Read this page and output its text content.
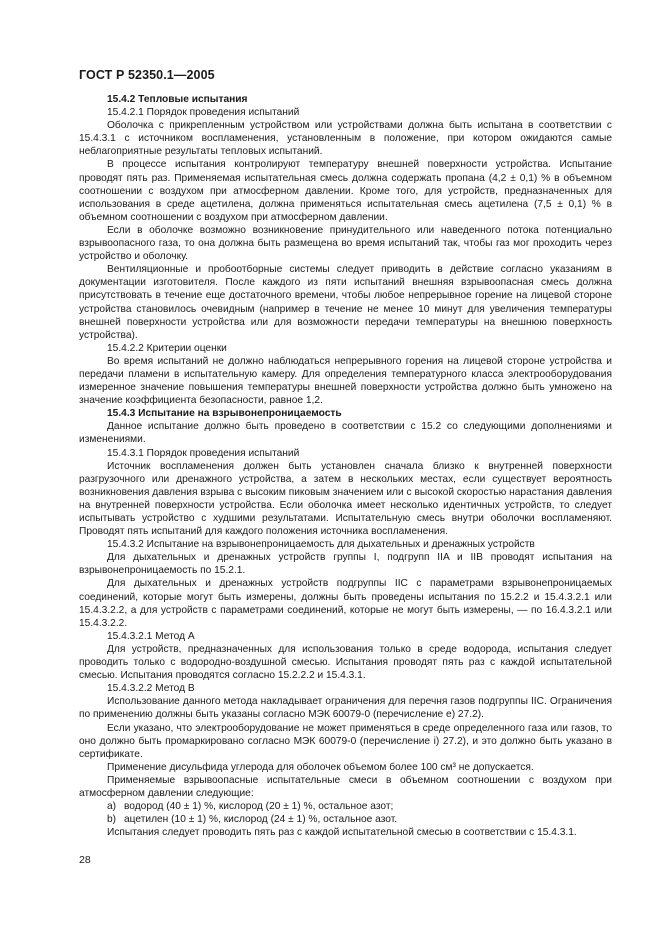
ГОСТ Р 52350.1—2005

15.4.2 Тепловые испытания

15.4.2.1 Порядок проведения испытаний

Оболочка с прикрепленным устройством или устройствами должна быть испытана в соответствии с 15.4.3.1 с источником воспламенения, установленным в положение, при котором ожидаются самые неблагоприятные результаты тепловых испытаний.

В процессе испытания контролируют температуру внешней поверхности устройства. Испытание проводят пять раз. Применяемая испытательная смесь должна содержать пропана (4,2 ± 0,1) % в объемном соотношении с воздухом при атмосферном давлении. Кроме того, для устройств, предназначенных для использования в среде ацетилена, должна применяться испытательная смесь ацетилена (7,5 ± 0,1) % в объемном соотношении с воздухом при атмосферном давлении.

Если в оболочке возможно возникновение принудительного или наведенного потока потенциально взрывоопасного газа, то она должна быть размещена во время испытаний так, чтобы газ мог проходить через устройство и оболочку.

Вентиляционные и пробоотборные системы следует приводить в действие согласно указаниям в документации изготовителя. После каждого из пяти испытаний внешняя взрывоопасная смесь должна присутствовать в течение еще достаточного времени, чтобы любое непрерывное горение на лицевой стороне устройства становилось очевидным (например в течение не менее 10 минут для увеличения температуры внешней поверхности устройства или для возможности передачи температуры на внешнюю поверхность устройства).

15.4.2.2 Критерии оценки

Во время испытаний не должно наблюдаться непрерывного горения на лицевой стороне устройства и передачи пламени в испытательную камеру. Для определения температурного класса электрооборудования измеренное значение повышения температуры внешней поверхности устройства должно быть умножено на значение коэффициента безопасности, равное 1,2.

15.4.3 Испытание на взрывонепроницаемость

Данное испытание должно быть проведено в соответствии с 15.2 со следующими дополнениями и изменениями.

15.4.3.1 Порядок проведения испытаний

Источник воспламенения должен быть установлен сначала близко к внутренней поверхности разгрузочного или дренажного устройства, а затем в нескольких местах, если существует вероятность возникновения давления взрыва с высоким пиковым значением или с высокой скоростью нарастания давления на внутренней поверхности устройства. Если оболочка имеет несколько идентичных устройств, то следует испытывать устройство с худшими результатами. Испытательную смесь внутри оболочки воспламеняют. Проводят пять испытаний для каждого положения источника воспламенения.

15.4.3.2 Испытание на взрывонепроницаемость для дыхательных и дренажных устройств

Для дыхательных и дренажных устройств группы I, подгрупп IIA и IIB проводят испытания на взрывонепроницаемость по 15.2.1.

Для дыхательных и дренажных устройств подгруппы IIC с параметрами взрывонепроницаемых соединений, которые могут быть измерены, должны быть проведены испытания по 15.2.2 и 15.4.3.2.1 или 15.4.3.2.2, а для устройств с параметрами соединений, которые не могут быть измерены, — по 16.4.3.2.1 или 15.4.3.2.2.

15.4.3.2.1 Метод А

Для устройств, предназначенных для использования только в среде водорода, испытания следует проводить только с водородно-воздушной смесью. Испытания проводят пять раз с каждой испытательной смесью. Испытания проводятся согласно 15.2.2.2 и 15.4.3.1.

15.4.3.2.2 Метод В

Использование данного метода накладывает ограничения для перечня газов подгруппы IIC. Ограничения по применению должны быть указаны согласно МЭК 60079-0 (перечисление е) 27.2).

Если указано, что электрооборудование не может применяться в среде определенного газа или газов, то оно должно быть промаркировано согласно МЭК 60079-0 (перечисление i) 27.2), и это должно быть указано в сертификате.

Применение дисульфида углерода для оболочек объемом более 100 см³ не допускается.

Применяемые взрывоопасные испытательные смеси в объемном соотношении с воздухом при атмосферном давлении следующие:

a) водород (40 ± 1) %, кислород (20 ± 1) %, остальное азот;

b) ацетилен (10 ± 1) %, кислород (24 ± 1) %, остальное азот.

Испытания следует проводить пять раз с каждой испытательной смесью в соответствии с 15.4.3.1.

28
